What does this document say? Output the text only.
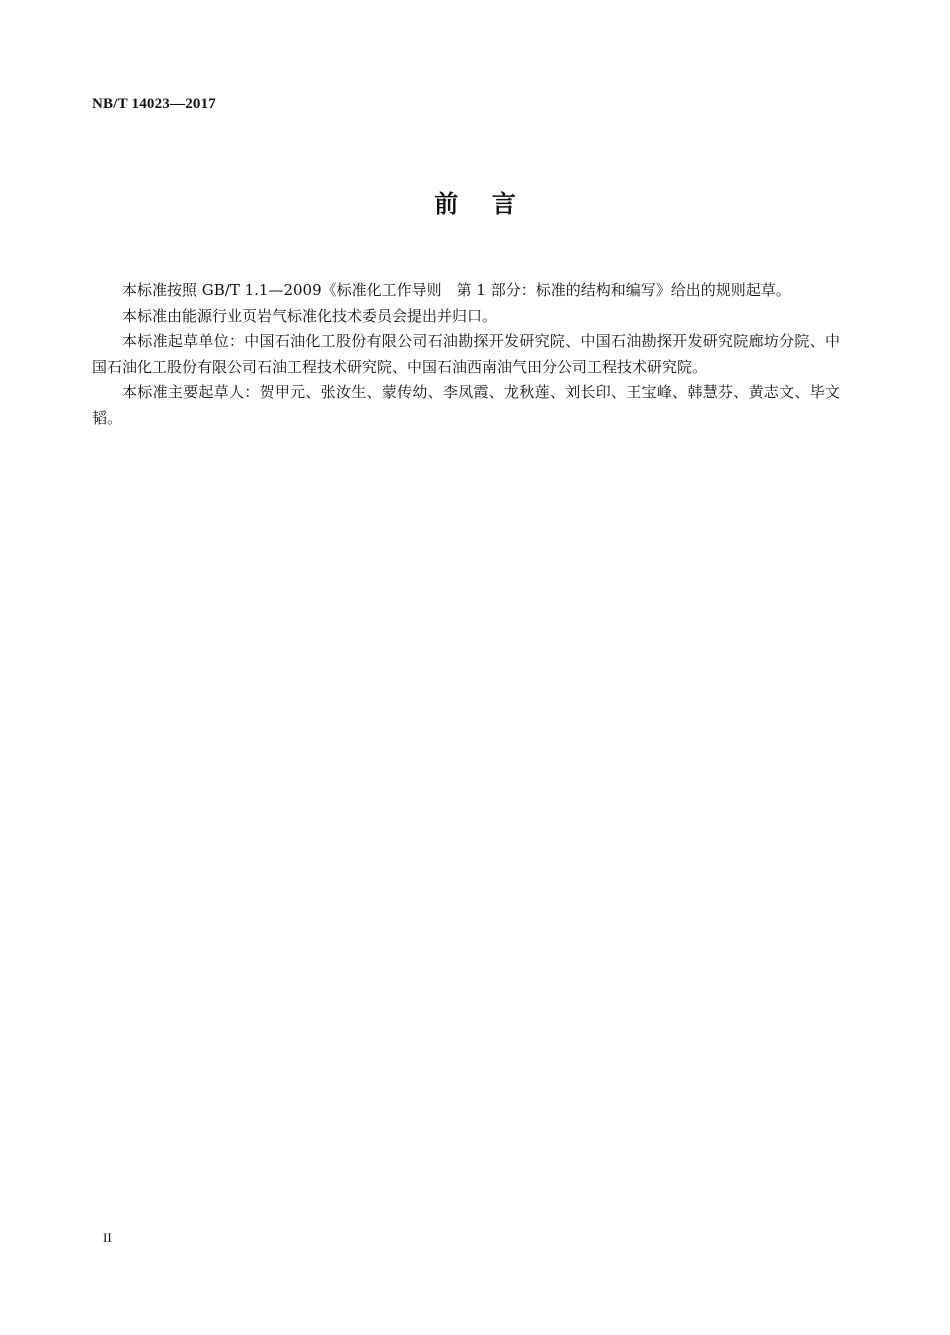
NB/T 14023—2017
前    言

本标准按照 GB/T 1.1—2009《标准化工作导则　第 1 部分：标准的结构和编写》给出的规则起草。

本标准由能源行业页岩气标准化技术委员会提出并归口。

本标准起草单位：中国石油化工股份有限公司石油勘探开发研究院、中国石油勘探开发研究院廊坊分院、中国石油化工股份有限公司石油工程技术研究院、中国石油西南油气田分公司工程技术研究院。

本标准主要起草人：贺甲元、张汝生、蒙传幼、李凤霞、龙秋莲、刘长印、王宝峰、韩慧芬、黄志文、毕文韬。

II
